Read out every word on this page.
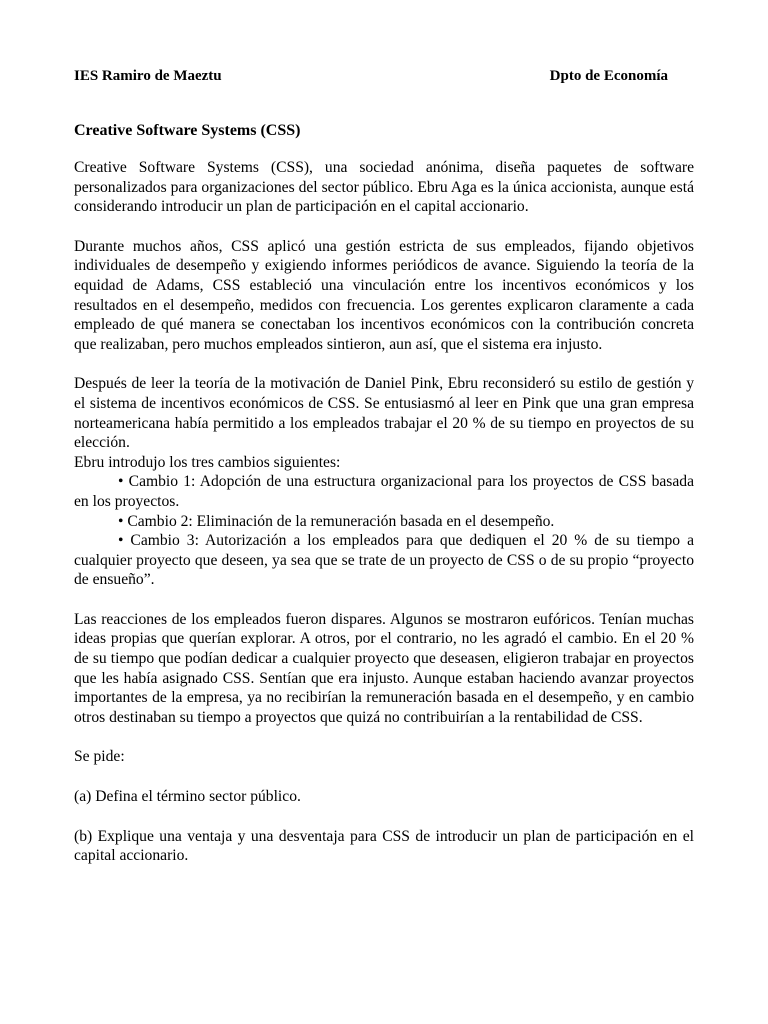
IES Ramiro de Maeztu	Dpto de Economía
Creative Software Systems (CSS)

Creative Software Systems (CSS), una sociedad anónima, diseña paquetes de software personalizados para organizaciones del sector público. Ebru Aga es la única accionista, aunque está considerando introducir un plan de participación en el capital accionario.

Durante muchos años, CSS aplicó una gestión estricta de sus empleados, fijando objetivos individuales de desempeño y exigiendo informes periódicos de avance. Siguiendo la teoría de la equidad de Adams, CSS estableció una vinculación entre los incentivos económicos y los resultados en el desempeño, medidos con frecuencia. Los gerentes explicaron claramente a cada empleado de qué manera se conectaban los incentivos económicos con la contribución concreta que realizaban, pero muchos empleados sintieron, aun así, que el sistema era injusto.

Después de leer la teoría de la motivación de Daniel Pink, Ebru reconsideró su estilo de gestión y el sistema de incentivos económicos de CSS. Se entusiasmó al leer en Pink que una gran empresa norteamericana había permitido a los empleados trabajar el 20 % de su tiempo en proyectos de su elección.

Ebru introdujo los tres cambios siguientes:

• Cambio 1: Adopción de una estructura organizacional para los proyectos de CSS basada en los proyectos.

• Cambio 2: Eliminación de la remuneración basada en el desempeño.

• Cambio 3: Autorización a los empleados para que dediquen el 20 % de su tiempo a cualquier proyecto que deseen, ya sea que se trate de un proyecto de CSS o de su propio “proyecto de ensueño”.

Las reacciones de los empleados fueron dispares. Algunos se mostraron eufóricos. Tenían muchas ideas propias que querían explorar. A otros, por el contrario, no les agradó el cambio. En el 20 % de su tiempo que podían dedicar a cualquier proyecto que deseasen, eligieron trabajar en proyectos que les había asignado CSS. Sentían que era injusto. Aunque estaban haciendo avanzar proyectos importantes de la empresa, ya no recibirían la remuneración basada en el desempeño, y en cambio otros destinaban su tiempo a proyectos que quizá no contribuirían a la rentabilidad de CSS.

Se pide:

(a) Defina el término sector público.

(b) Explique una ventaja y una desventaja para CSS de introducir un plan de participación en el capital accionario.
